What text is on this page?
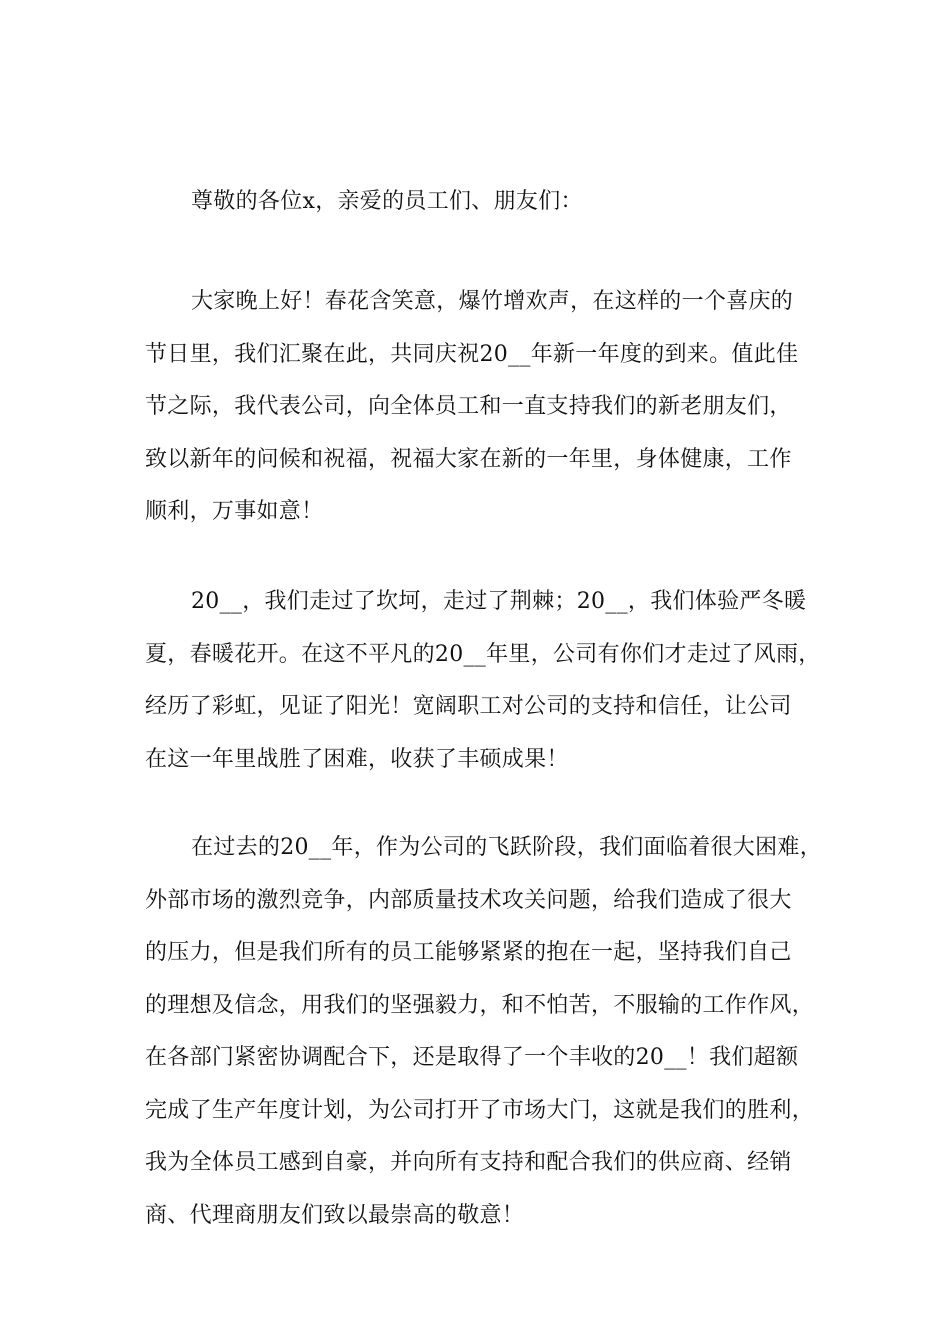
尊敬的各位x，亲爱的员工们、朋友们：

大家晚上好！春花含笑意，爆竹增欢声，在这样的一个喜庆的
节日里，我们汇聚在此，共同庆祝20__年新一年度的到来。值此佳
节之际，我代表公司，向全体员工和一直支持我们的新老朋友们，
致以新年的问候和祝福，祝福大家在新的一年里，身体健康，工作
顺利，万事如意！

20__，我们走过了坎坷，走过了荆棘；20__，我们体验严冬暖
夏，春暖花开。在这不平凡的20__年里，公司有你们才走过了风雨，
经历了彩虹，见证了阳光！宽阔职工对公司的支持和信任，让公司
在这一年里战胜了困难，收获了丰硕成果！

在过去的20__年，作为公司的飞跃阶段，我们面临着很大困难，
外部市场的激烈竞争，内部质量技术攻关问题，给我们造成了很大
的压力，但是我们所有的员工能够紧紧的抱在一起，坚持我们自己
的理想及信念，用我们的坚强毅力，和不怕苦，不服输的工作作风，
在各部门紧密协调配合下，还是取得了一个丰收的20__！我们超额
完成了生产年度计划，为公司打开了市场大门，这就是我们的胜利，
我为全体员工感到自豪，并向所有支持和配合我们的供应商、经销
商、代理商朋友们致以最崇高的敬意！
